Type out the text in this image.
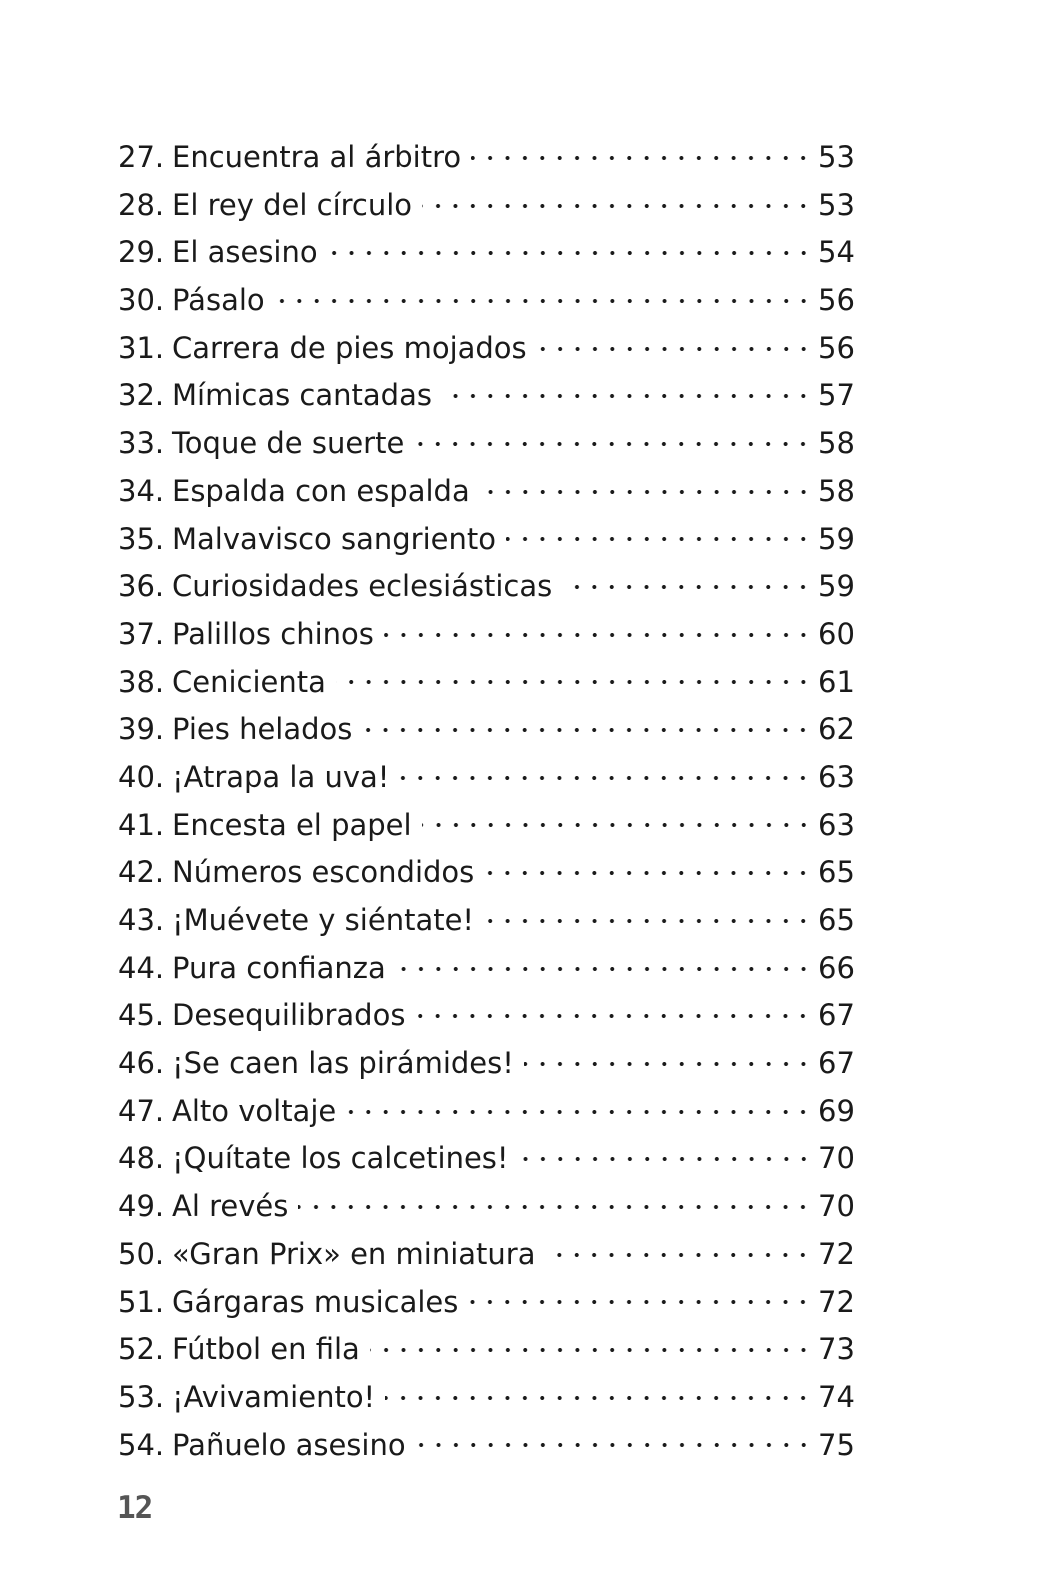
27. Encuentra al árbitro	53
28. El rey del círculo	53
29. El asesino	54
30. Pásalo	56
31. Carrera de pies mojados	56
32. Mímicas cantadas	57
33. Toque de suerte	58
34. Espalda con espalda	58
35. Malvavisco sangriento	59
36. Curiosidades eclesiásticas	59
37. Palillos chinos	60
38. Cenicienta	61
39. Pies helados	62
40. ¡Atrapa la uva!	63
41. Encesta el papel	63
42. Números escondidos	65
43. ¡Muévete y siéntate!	65
44. Pura confianza	66
45. Desequilibrados	67
46. ¡Se caen las pirámides!	67
47. Alto voltaje	69
48. ¡Quítate los calcetines!	70
49. Al revés	70
50. «Gran Prix» en miniatura	72
51. Gárgaras musicales	72
52. Fútbol en fila	73
53. ¡Avivamiento!	74
54. Pañuelo asesino	75
12
